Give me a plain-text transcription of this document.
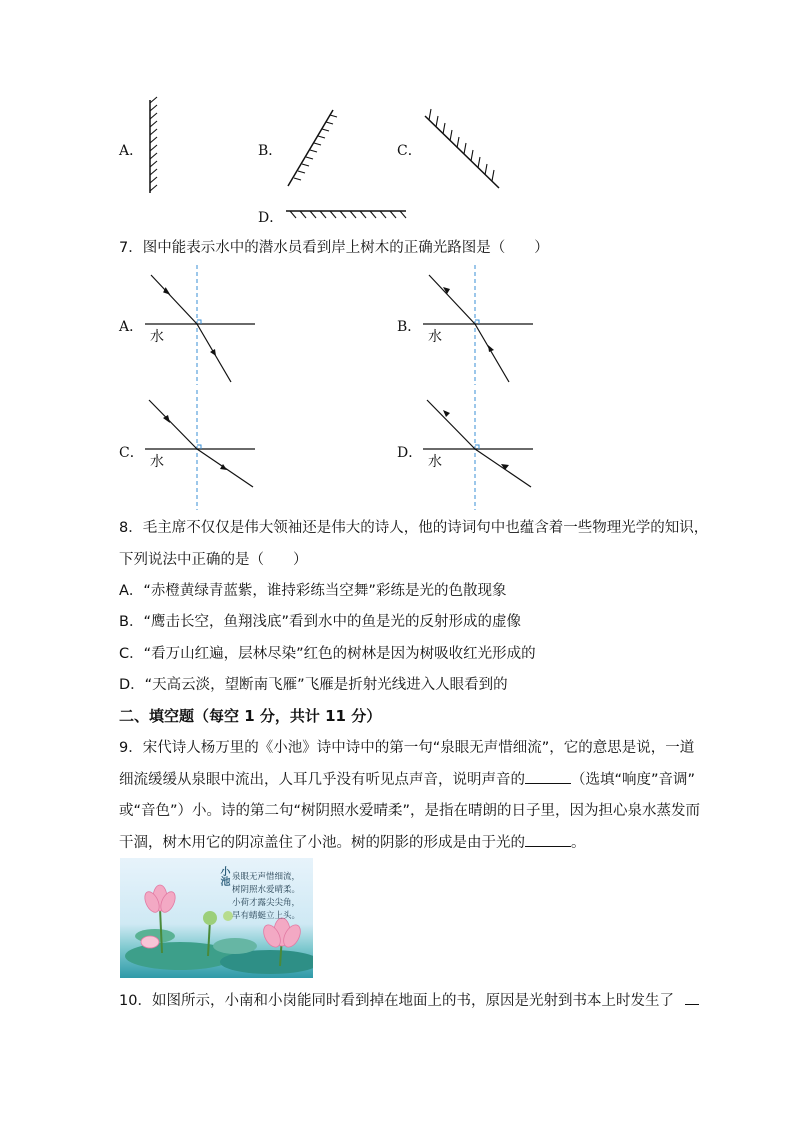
A．	B．	C．
D．
7．图中能表示水中的潜水员看到岸上树木的正确光路图是（　　）
A．
水
B．
水
C．
水
D．
水
8．毛主席不仅仅是伟大领袖还是伟大的诗人，他的诗词句中也蕴含着一些物理光学的知识，
下列说法中正确的是（　　）
A．“赤橙黄绿青蓝紫，谁持彩练当空舞”彩练是光的色散现象
B．“鹰击长空，鱼翔浅底”看到水中的鱼是光的反射形成的虚像
C．“看万山红遍，层林尽染”红色的树林是因为树吸收红光形成的
D．“天高云淡，望断南飞雁”飞雁是折射光线进入人眼看到的
二、填空题（每空 1 分，共计 11 分）
9．宋代诗人杨万里的《小池》诗中诗中的第一句“泉眼无声惜细流”，它的意思是说，一道
细流缓缓从泉眼中流出，人耳几乎没有听见点声音，说明声音的	（选填“响度”音调”
或“音色”）小。诗的第二句“树阴照水爱晴柔”，是指在晴朗的日子里，因为担心泉水蒸发而
干涸，树木用它的阴凉盖住了小池。树的阴影的形成是由于光的	。
小池 泉眼无声惜细流，
树阴照水爱晴柔。
小荷才露尖尖角，
早有蜻蜓立上头。
10．如图所示，小南和小岗能同时看到掉在地面上的书，原因是光射到书本上时发生了
